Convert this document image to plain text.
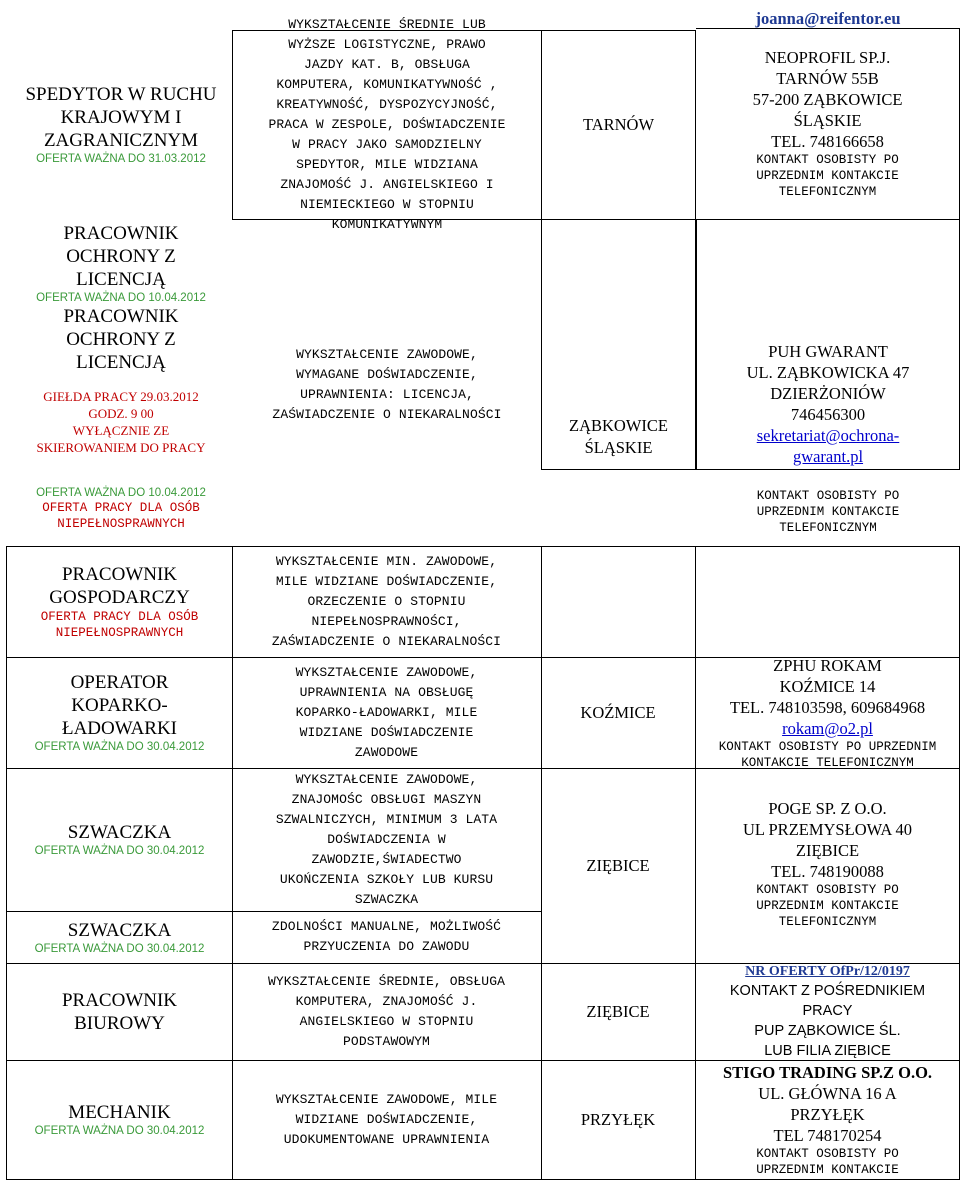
SPEDYTOR W RUCHU
KRAJOWYM I
ZAGRANICZNYM
OFERTA WAŻNA DO 31.03.2012
WYKSZTAŁCENIE ŚREDNIE LUB
WYŻSZE LOGISTYCZNE, PRAWO
JAZDY KAT. B, OBSŁUGA
KOMPUTERA, KOMUNIKATYWNOŚĆ ,
KREATYWNOŚĆ, DYSPOZYCYJNOŚĆ,
PRACA W ZESPOLE, DOŚWIADCZENIE
W PRACY JAKO SAMODZIELNY
SPEDYTOR, MILE WIDZIANA
ZNAJOMOŚĆ J. ANGIELSKIEGO I
NIEMIECKIEGO W STOPNIU
KOMUNIKATYWNYM
TARNÓW
joanna@reifentor.eu
NEOPROFIL SP.J.
TARNÓW 55B
57-200 ZĄBKOWICE
ŚLĄSKIE
TEL. 748166658
KONTAKT OSOBISTY PO
UPRZEDNIM KONTAKCIE
TELEFONICZNYM
PRACOWNIK
OCHRONY Z
LICENCJĄ
OFERTA WAŻNA DO 10.04.2012
PRACOWNIK
OCHRONY Z
LICENCJĄ
GIEŁDA PRACY 29.03.2012
GODZ. 9 00
WYŁĄCZNIE ZE
SKIEROWANIEM DO PRACY
WYKSZTAŁCENIE ZAWODOWE,
WYMAGANE DOŚWIADCZENIE,
UPRAWNIENIA: LICENCJA,
ZAŚWIADCZENIE O NIEKARALNOŚCI
ZĄBKOWICE
ŚLĄSKIE
PUH GWARANT
UL. ZĄBKOWICKA 47
DZIERŻONIÓW
746456300
sekretariat@ochrona-
gwarant.pl
OFERTA WAŻNA DO 10.04.2012
OFERTA PRACY DLA OSÓB
NIEPEŁNOSPRAWNYCH
KONTAKT OSOBISTY PO
UPRZEDNIM KONTAKCIE
TELEFONICZNYM
PRACOWNIK
GOSPODARCZY
OFERTA PRACY DLA OSÓB
NIEPEŁNOSPRAWNYCH
WYKSZTAŁCENIE MIN. ZAWODOWE,
MILE WIDZIANE DOŚWIADCZENIE,
ORZECZENIE O STOPNIU
NIEPEŁNOSPRAWNOŚCI,
ZAŚWIADCZENIE O NIEKARALNOŚCI
OPERATOR
KOPARKO-
ŁADOWARKI
OFERTA WAŻNA DO 30.04.2012
WYKSZTAŁCENIE ZAWODOWE,
UPRAWNIENIA NA OBSŁUGĘ
KOPARKO-ŁADOWARKI, MILE
WIDZIANE DOŚWIADCZENIE
ZAWODOWE
KOŹMICE
ZPHU ROKAM
KOŹMICE 14
TEL. 748103598, 609684968
rokam@o2.pl
KONTAKT OSOBISTY PO UPRZEDNIM
KONTAKCIE TELEFONICZNYM
SZWACZKA
OFERTA WAŻNA DO 30.04.2012
WYKSZTAŁCENIE ZAWODOWE,
ZNAJOMOŚC OBSŁUGI MASZYN
SZWALNICZYCH, MINIMUM 3 LATA
DOŚWIADCZENIA W
ZAWODZIE,ŚWIADECTWO
UKOŃCZENIA SZKOŁY LUB KURSU
SZWACZKA
ZIĘBICE
POGE SP. Z O.O.
UL PRZEMYSŁOWA 40
ZIĘBICE
TEL. 748190088
KONTAKT OSOBISTY PO
UPRZEDNIM KONTAKCIE
TELEFONICZNYM
SZWACZKA
OFERTA WAŻNA DO 30.04.2012
ZDOLNOŚCI MANUALNE, MOŻLIWOŚĆ
PRZYUCZENIA DO ZAWODU
PRACOWNIK
BIUROWY
WYKSZTAŁCENIE ŚREDNIE, OBSŁUGA
KOMPUTERA, ZNAJOMOŚĆ J.
ANGIELSKIEGO W STOPNIU
PODSTAWOWYM
ZIĘBICE
NR OFERTY OfPr/12/0197
KONTAKT Z POŚREDNIKIEM
PRACY
PUP ZĄBKOWICE ŚL.
LUB FILIA ZIĘBICE
MECHANIK
OFERTA WAŻNA DO 30.04.2012
WYKSZTAŁCENIE ZAWODOWE, MILE
WIDZIANE DOŚWIADCZENIE,
UDOKUMENTOWANE UPRAWNIENIA
PRZYŁĘK
STIGO TRADING SP.Z O.O.
UL. GŁÓWNA 16 A
PRZYŁĘK
TEL 748170254
KONTAKT OSOBISTY PO
UPRZEDNIM KONTAKCIE
